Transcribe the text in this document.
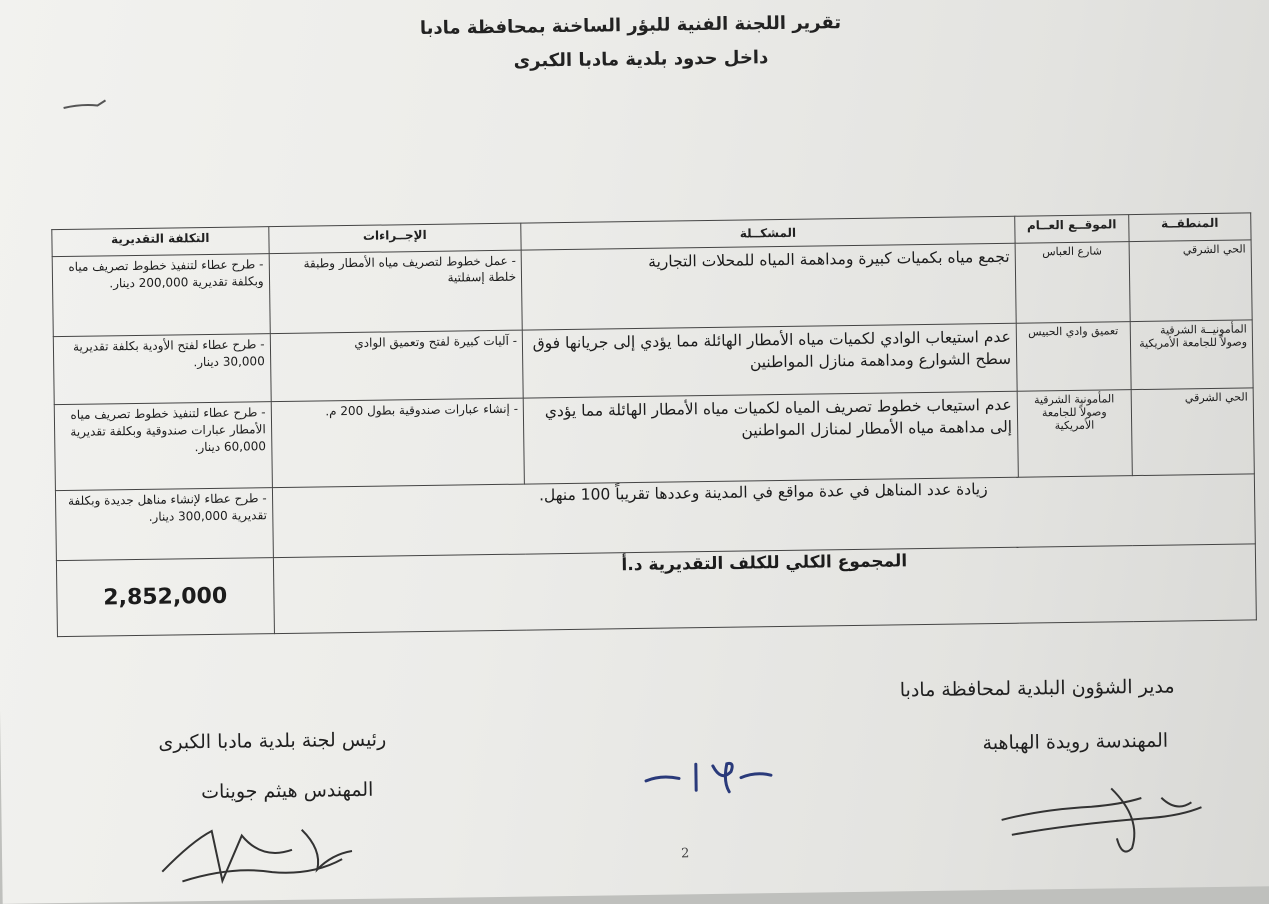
تقرير اللجنة الفنية للبؤر الساخنة بمحافظة مادبا
داخل حدود بلدية مادبا الكبرى
المنطقــة	الموقــع العــام	المشكــلة	الإجــراءات	التكلفة التقديرية
الحي الشرقي	شارع العباس	تجمع مياه بكميات كبيرة ومداهمة المياه للمحلات التجارية	- عمل خطوط لتصريف مياه الأمطار وطبقة خلطة إسفلتية	- طرح عطاء لتنفيذ خطوط تصريف مياه وبكلفة تقديرية 200,000 دينار.
المأمونيــة الشرقية وصولاً للجامعة الأمريكية	تعميق وادي الحبيس	عدم استيعاب الوادي لكميات مياه الأمطار الهائلة مما يؤدي إلى جريانها فوق سطح الشوارع ومداهمة منازل المواطنين	- آليات كبيرة لفتح وتعميق الوادي	- طرح عطاء لفتح الأودية بكلفة تقديرية 30,000 دينار.
الحي الشرقي	المأمونية الشرقية وصولاً للجامعة الأمريكية	عدم استيعاب خطوط تصريف المياه لكميات مياه الأمطار الهائلة مما يؤدي إلى مداهمة مياه الأمطار لمنازل المواطنين	- إنشاء عبارات صندوقية بطول 200 م.	- طرح عطاء لتنفيذ خطوط تصريف مياه الأمطار عبارات صندوقية وبكلفة تقديرية 60,000 دينار.
زيادة عدد المناهل في عدة مواقع في المدينة وعددها تقريباً 100 منهل.				- طرح عطاء لإنشاء مناهل جديدة وبكلفة تقديرية 300,000 دينار.
المجموع الكلي للكلف التقديرية د.أ				2,852,000
مدير الشؤون البلدية لمحافظة مادبا
المهندسة رويدة الهباهبة
رئيس لجنة بلدية مادبا الكبرى
المهندس هيثم جوينات
2
